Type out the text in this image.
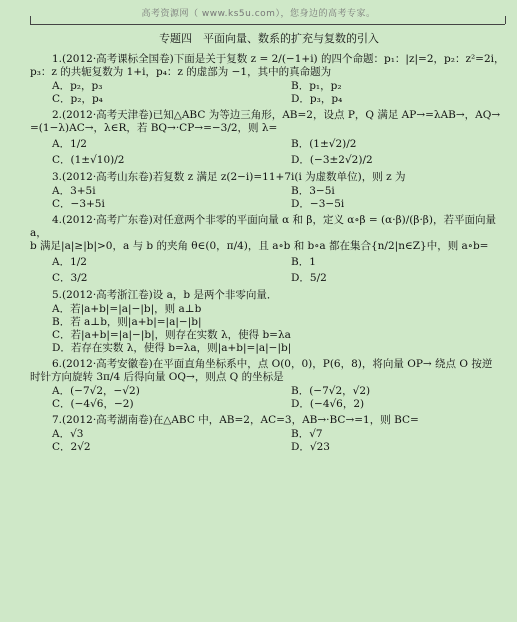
高考资源网（ www.ks5u.com），您身边的高考专家。
专题四　平面向量、数系的扩充与复数的引入

1.(2012·高考课标全国卷)下面是关于复数 z = 2/(−1+i) 的四个命题：p₁：|z|=2，p₂：z²=2i，

p₃：z 的共轭复数为 1+i，p₄：z 的虚部为 −1，其中的真命题为

A．p₂，p₃	B．p₁，p₂
C．p₂，p₄	D．p₃，p₄

2.(2012·高考天津卷)已知△ABC 为等边三角形，AB=2，设点 P，Q 满足 AP→=λAB→，AQ→

=(1−λ)AC→，λ∈R，若 BQ→·CP→=−3/2，则 λ=

A．1/2	B．(1±√2)/2
C．(1±√10)/2	D．(−3±2√2)/2

3.(2012·高考山东卷)若复数 z 满足 z(2−i)=11+7i(i 为虚数单位)，则 z 为

A．3+5i	B．3−5i
C．−3+5i	D．−3−5i

4.(2012·高考广东卷)对任意两个非零的平面向量 α 和 β，定义 α∘β = (α·β)/(β·β)，若平面向量 a，

b 满足|a|≥|b|>0，a 与 b 的夹角 θ∈(0，π/4)，且 a∘b 和 b∘a 都在集合{n/2|n∈Z}中，则 a∘b=

A．1/2	B．1
C．3/2	D．5/2

5.(2012·高考浙江卷)设 a，b 是两个非零向量．

A．若|a+b|=|a|−|b|，则 a⊥b
B．若 a⊥b，则|a+b|=|a|−|b|
C．若|a+b|=|a|−|b|，则存在实数 λ，使得 b=λa
D．若存在实数 λ，使得 b=λa，则|a+b|=|a|−|b|

6.(2012·高考安徽卷)在平面直角坐标系中，点 O(0，0)，P(6，8)，将向量 OP→ 绕点 O 按逆

时针方向旋转 3π/4 后得向量 OQ→，则点 Q 的坐标是

A．(−7√2，−√2)	B．(−7√2，√2)
C．(−4√6，−2)	D．(−4√6，2)

7.(2012·高考湖南卷)在△ABC 中，AB=2，AC=3，AB→·BC→=1，则 BC=

A．√3	B．√7
C．2√2	D．√23
